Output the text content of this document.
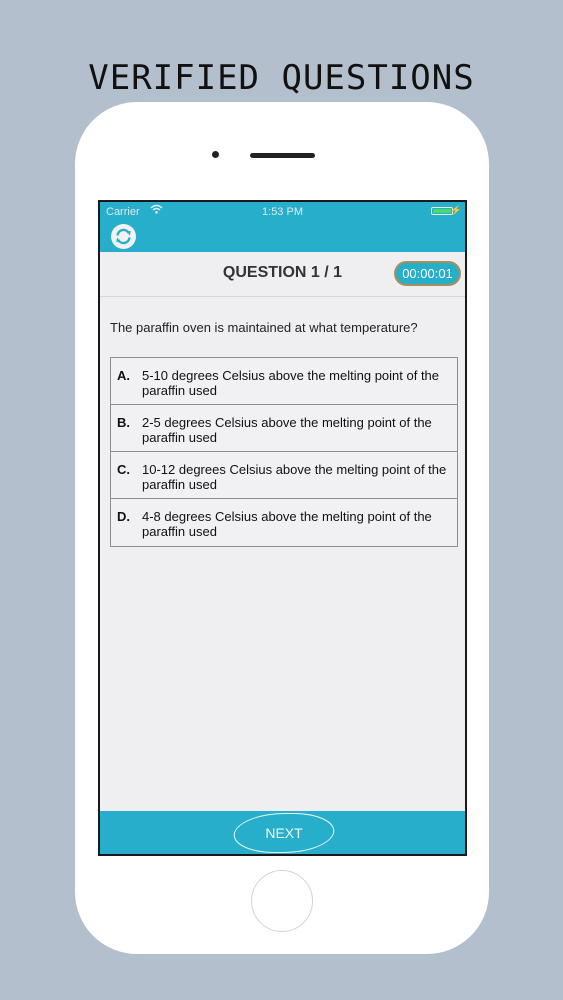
VERIFIED QUESTIONS
Carrier	1:53 PM	⚡
QUESTION 1 / 1	00:00:01
The paraffin oven is maintained at what temperature?
A. 5-10 degrees Celsius above the melting point of the paraffin used
B. 2-5 degrees Celsius above the melting point of the paraffin used
C. 10-12 degrees Celsius above the melting point of the paraffin used
D. 4-8 degrees Celsius above the melting point of the paraffin used
NEXT
